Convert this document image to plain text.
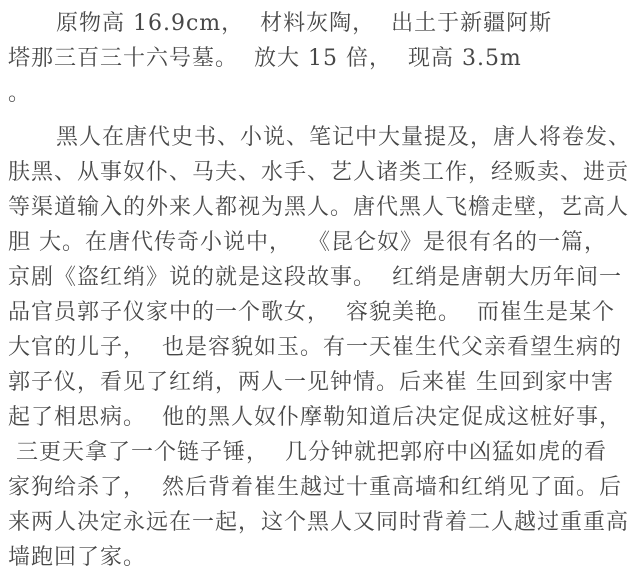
原物高 16.9cm，  材料灰陶，  出土于新疆阿斯
塔那三百三十六号墓。  放大 15 倍，  现高 3.5m
。
黑人在唐代史书、小说、笔记中大量提及，唐人将卷发、
肤黑、从事奴仆、马夫、水手、艺人诸类工作，经贩卖、进贡
等渠道输入的外来人都视为黑人。唐代黑人飞檐走壁，艺高人
胆 大。在唐代传奇小说中，  《昆仑奴》是很有名的一篇，
京剧《盗红绡》说的就是这段故事。  红绡是唐朝大历年间一
品官员郭子仪家中的一个歌女，  容貌美艳。  而崔生是某个
大官的儿子，  也是容貌如玉。有一天崔生代父亲看望生病的
郭子仪，看见了红绡，两人一见钟情。后来崔 生回到家中害
起了相思病。  他的黑人奴仆摩勒知道后决定促成这桩好事，
三更天拿了一个链子锤，  几分钟就把郭府中凶猛如虎的看
家狗给杀了，  然后背着崔生越过十重高墙和红绡见了面。后
来两人决定永远在一起，这个黑人又同时背着二人越过重重高
墙跑回了家。
